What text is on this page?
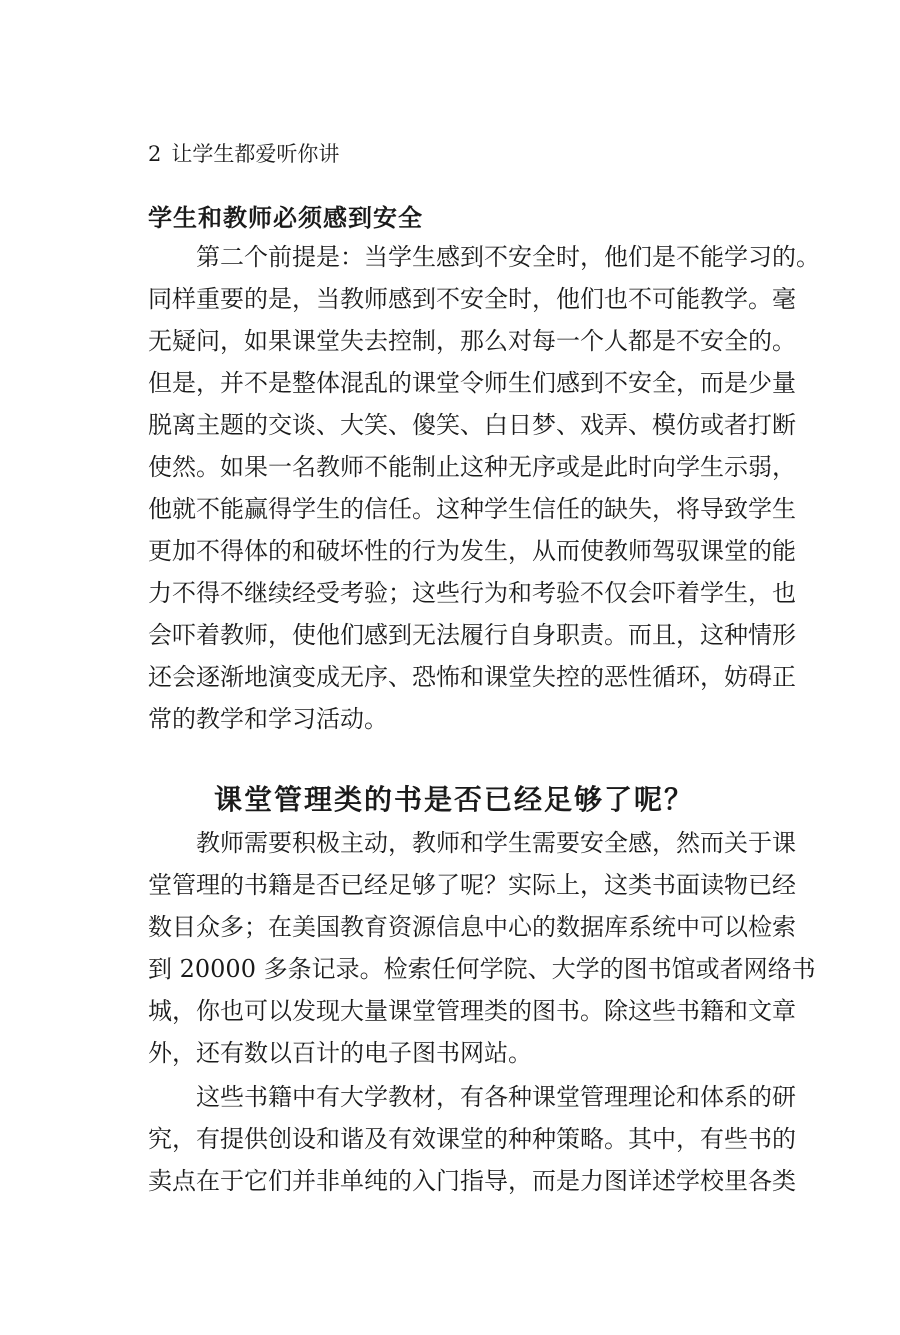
2 让学生都爱听你讲
学生和教师必须感到安全
第二个前提是：当学生感到不安全时，他们是不能学习的。
同样重要的是，当教师感到不安全时，他们也不可能教学。毫
无疑问，如果课堂失去控制，那么对每一个人都是不安全的。
但是，并不是整体混乱的课堂令师生们感到不安全，而是少量
脱离主题的交谈、大笑、傻笑、白日梦、戏弄、模仿或者打断
使然。如果一名教师不能制止这种无序或是此时向学生示弱，
他就不能赢得学生的信任。这种学生信任的缺失，将导致学生
更加不得体的和破坏性的行为发生，从而使教师驾驭课堂的能
力不得不继续经受考验；这些行为和考验不仅会吓着学生，也
会吓着教师，使他们感到无法履行自身职责。而且，这种情形
还会逐渐地演变成无序、恐怖和课堂失控的恶性循环，妨碍正
常的教学和学习活动。
课堂管理类的书是否已经足够了呢？
教师需要积极主动，教师和学生需要安全感，然而关于课
堂管理的书籍是否已经足够了呢？实际上，这类书面读物已经
数目众多；在美国教育资源信息中心的数据库系统中可以检索
到 20000 多条记录。检索任何学院、大学的图书馆或者网络书
城，你也可以发现大量课堂管理类的图书。除这些书籍和文章
外，还有数以百计的电子图书网站。
这些书籍中有大学教材，有各种课堂管理理论和体系的研
究，有提供创设和谐及有效课堂的种种策略。其中，有些书的
卖点在于它们并非单纯的入门指导，而是力图详述学校里各类
